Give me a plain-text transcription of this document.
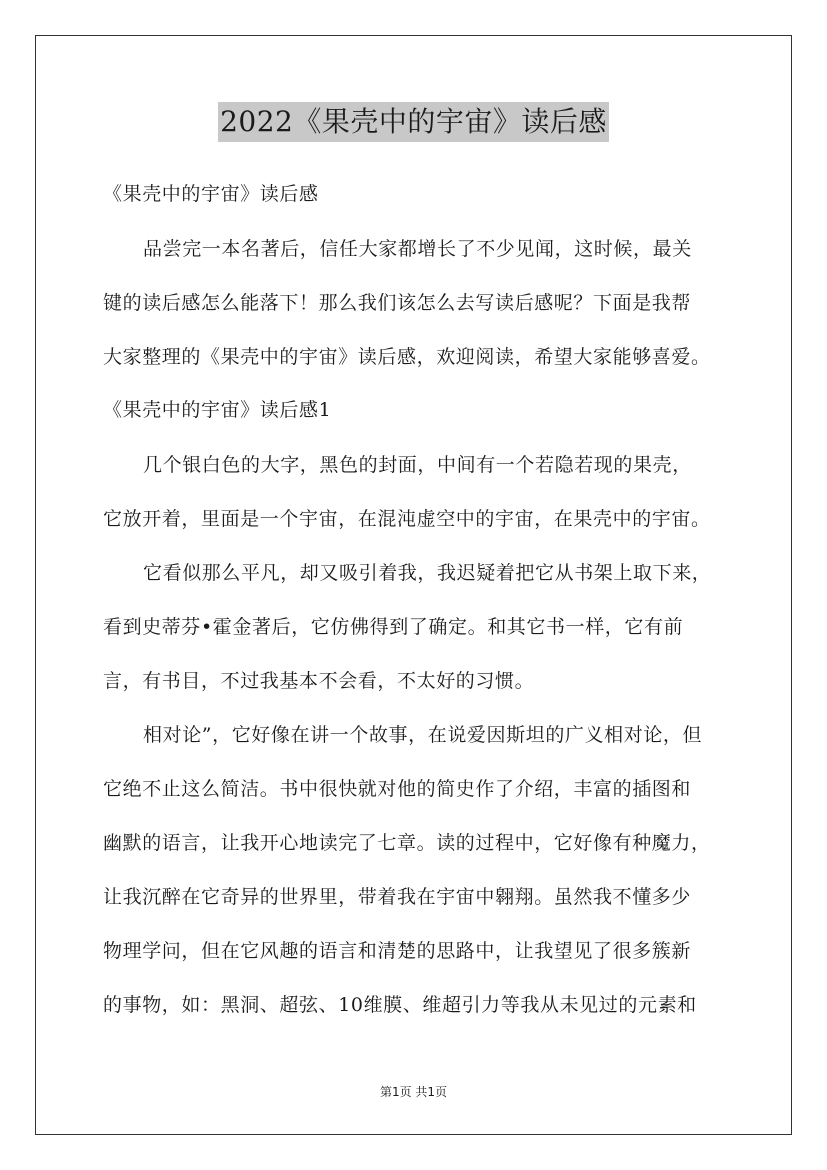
2022《果壳中的宇宙》读后感
《果壳中的宇宙》读后感
品尝完一本名著后，信任大家都增长了不少见闻，这时候，最关
键的读后感怎么能落下！那么我们该怎么去写读后感呢？下面是我帮
大家整理的《果壳中的宇宙》读后感，欢迎阅读，希望大家能够喜爱。
《果壳中的宇宙》读后感1
几个银白色的大字，黑色的封面，中间有一个若隐若现的果壳，
它放开着，里面是一个宇宙，在混沌虚空中的宇宙，在果壳中的宇宙。
它看似那么平凡，却又吸引着我，我迟疑着把它从书架上取下来，
看到史蒂芬•霍金著后，它仿佛得到了确定。和其它书一样，它有前
言，有书目，不过我基本不会看，不太好的习惯。
相对论”，它好像在讲一个故事，在说爱因斯坦的广义相对论，但
它绝不止这么简洁。书中很快就对他的简史作了介绍，丰富的插图和
幽默的语言，让我开心地读完了七章。读的过程中，它好像有种魔力，
让我沉醉在它奇异的世界里，带着我在宇宙中翱翔。虽然我不懂多少
物理学问，但在它风趣的语言和清楚的思路中，让我望见了很多簇新
的事物，如：黑洞、超弦、10维膜、维超引力等我从未见过的元素和
第1页 共1页
